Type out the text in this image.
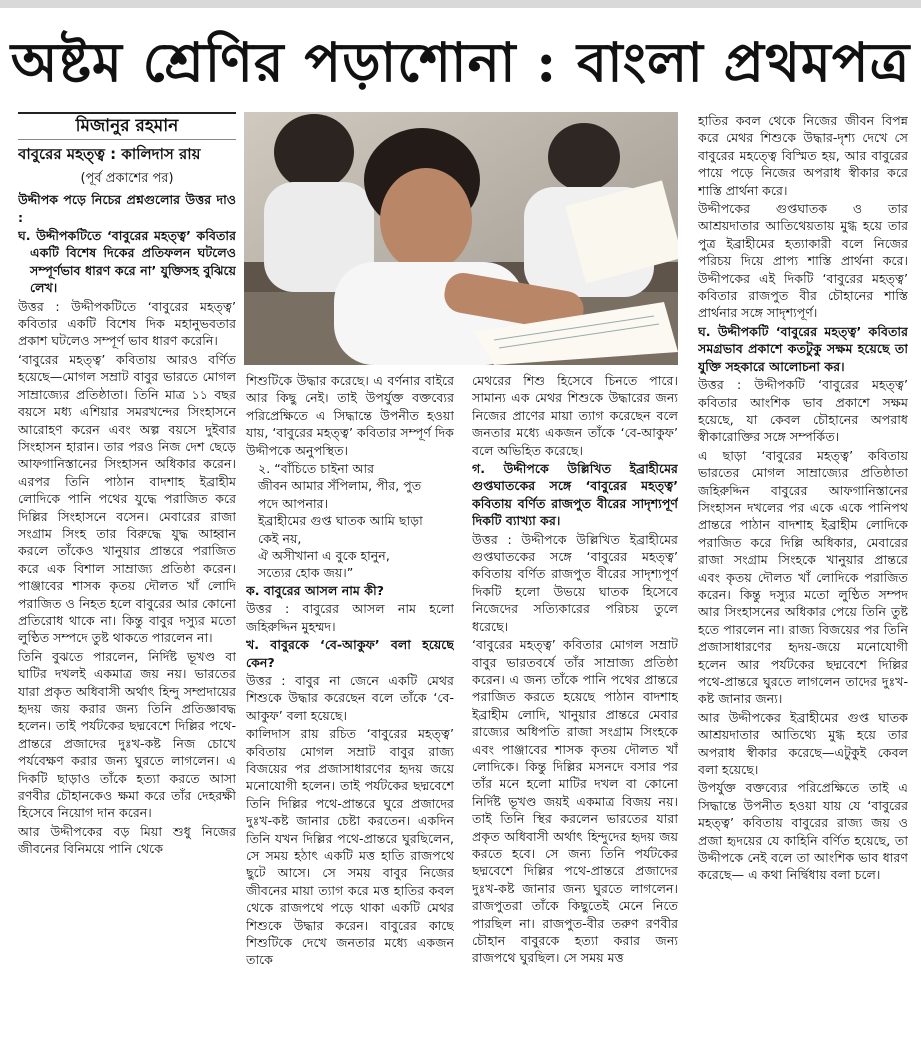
অষ্টম শ্রেণির পড়াশোনা : বাংলা প্রথমপত্র
মিজানুর রহমান
বাবুরের মহত্ত্ব : কালিদাস রায়
(পূর্ব প্রকাশের পর)

উদ্দীপক পড়ে নিচের প্রশ্নগুলোর উত্তর দাও :

ঘ. উদ্দীপকটিতে ‘বাবুরের মহত্ত্ব’ কবিতার একটি বিশেষ দিকের প্রতিফলন ঘটলেও সম্পূর্ণভাব ধারণ করে না’ যুক্তিসহ বুঝিয়ে লেখ।

উত্তর : উদ্দীপকটিতে ‘বাবুরের মহত্ত্ব’ কবিতার একটি বিশেষ দিক মহানুভবতার প্রকাশ ঘটলেও সম্পূর্ণ ভাব ধারণ করেনি।

‘বাবুরের মহত্ত্ব’ কবিতায় আরও বর্ণিত হয়েছে—মোগল সম্রাট বাবুর ভারতে মোগল সাম্রাজ্যের প্রতিষ্ঠাতা। তিনি মাত্র ১১ বছর বয়সে মধ্য এশিয়ার সমরখন্দের সিংহাসনে আরোহণ করেন এবং অল্প বয়সে দুইবার সিংহাসন হারান। তার পরও নিজ দেশ ছেড়ে আফগানিস্তানের সিংহাসন অধিকার করেন। এরপর তিনি পাঠান বাদশাহ ইব্রাহীম লোদিকে পানি পথের যুদ্ধে পরাজিত করে দিল্লির সিংহাসনে বসেন। মেবারের রাজা সংগ্রাম সিংহ তার বিরুদ্ধে যুদ্ধ আহ্বান করলে তাঁকেও খানুয়ার প্রান্তরে পরাজিত করে এক বিশাল সাম্রাজ্য প্রতিষ্ঠা করেন। পাঞ্জাবের শাসক কৃতয় দৌলত খাঁ লোদি পরাজিত ও নিহত হলে বাবুরের আর কোনো প্রতিরোধ থাকে না। কিন্তু বাবুর দস্যুর মতো লুণ্ঠিত সম্পদে তুষ্ট থাকতে পারলেন না।

তিনি বুঝতে পারলেন, নির্দিষ্ট ভূখণ্ড বা ঘাটির দখলই একমাত্র জয় নয়। ভারতের যারা প্রকৃত অধিবাসী অর্থাৎ হিন্দু সম্প্রদায়ের হৃদয় জয় করার জন্য তিনি প্রতিজ্ঞাবদ্ধ হলেন। তাই পর্যটকের ছদ্মবেশে দিল্লির পথে-প্রান্তরে প্রজাদের দুঃখ-কষ্ট নিজ চোখে পর্যবেক্ষণ করার জন্য ঘুরতে লাগলেন। এ দিকটি ছাড়াও তাঁকে হত্যা করতে আসা রণবীর চৌহানকেও ক্ষমা করে তাঁর দেহরক্ষী হিসেবে নিয়োগ দান করেন।

আর উদ্দীপকের বড় মিয়া শুধু নিজের জীবনের বিনিময়ে পানি থেকে

শিশুটিকে উদ্ধার করেছে। এ বর্ণনার বাইরে আর কিছু নেই। তাই উপর্যুক্ত বক্তব্যের পরিপ্রেক্ষিতে এ সিদ্ধান্তে উপনীত হওয়া যায়, ‘বাবুরের মহত্ত্ব’ কবিতার সম্পূর্ণ দিক উদ্দীপকে অনুপস্থিত।

২. “বাঁচিতে চাইনা আর
জীবন আমার সঁপিলাম, পীর, পুত
পদে আপনার।
ইব্রাহীমের গুপ্ত ঘাতক আমি ছাড়া
কেই নয়,
ঐ অসীখানা এ বুকে হানুন,
সত্যের হোক জয়।”

ক. বাবুরের আসল নাম কী?

উত্তর : বাবুরের আসল নাম হলো জহিরুদ্দিন মুহম্মদ।

খ. বাবুরকে ‘বে-আকুফ’ বলা হয়েছে কেন?

উত্তর : বাবুর না জেনে একটি মেথর শিশুকে উদ্ধার করেছেন বলে তাঁকে ‘বে-আকুফ’ বলা হয়েছে।

কালিদাস রায় রচিত ‘বাবুরের মহত্ত্ব’ কবিতায় মোগল সম্রাট বাবুর রাজ্য বিজয়ের পর প্রজাসাধারণের হৃদয় জয়ে মনোযোগী হলেন। তাই পর্যটকের ছদ্মবেশে তিনি দিল্লির পথে-প্রান্তরে ঘুরে প্রজাদের দুঃখ-কষ্ট জানার চেষ্টা করতেন। একদিন তিনি যখন দিল্লির পথে-প্রান্তরে ঘুরছিলেন, সে সময় হঠাৎ একটি মত্ত হাতি রাজপথে ছুটে আসে। সে সময় বাবুর নিজের জীবনের মায়া ত্যাগ করে মত্ত হাতির কবল থেকে রাজপথে পড়ে থাকা একটি মেথর শিশুকে উদ্ধার করেন। বাবুরের কাছে শিশুটিকে দেখে জনতার মধ্যে একজন তাকে

মেথরের শিশু হিসেবে চিনতে পারে। সামান্য এক মেথর শিশুকে উদ্ধারের জন্য নিজের প্রাণের মায়া ত্যাগ করেছেন বলে জনতার মধ্যে একজন তাঁকে ‘বে-আকুফ’ বলে অভিহিত করেছে।

গ. উদ্দীপকে উল্লিখিত ইব্রাহীমের গুপ্তঘাতকের সঙ্গে ‘বাবুরের মহত্ত্ব’ কবিতায় বর্ণিত রাজপুত বীরের সাদৃশ্যপূর্ণ দিকটি ব্যাখ্যা কর।

উত্তর : উদ্দীপকে উল্লিখিত ইব্রাহীমের গুপ্তঘাতকের সঙ্গে ‘বাবুরের মহত্ত্ব’ কবিতায় বর্ণিত রাজপুত বীরের সাদৃশ্যপূর্ণ দিকটি হলো উভয়ে ঘাতক হিসেবে নিজেদের সত্যিকারের পরিচয় তুলে ধরেছে।

‘বাবুরের মহত্ত্ব’ কবিতার মোগল সম্রাট বাবুর ভারতবর্ষে তাঁর সাম্রাজ্য প্রতিষ্ঠা করেন। এ জন্য তাঁকে পানি পথের প্রান্তরে পরাজিত করতে হয়েছে পাঠান বাদশাহ ইব্রাহীম লোদি, খানুয়ার প্রান্তরে মেবার রাজ্যের অধিপতি রাজা সংগ্রাম সিংহকে এবং পাঞ্জাবের শাসক কৃতয় দৌলত খাঁ লোদিকে। কিন্তু দিল্লির মসনদে বসার পর তাঁর মনে হলো মাটির দখল বা কোনো নির্দিষ্ট ভূখণ্ড জয়ই একমাত্র বিজয় নয়। তাই তিনি স্থির করলেন ভারতের যারা প্রকৃত অধিবাসী অর্থাৎ হিন্দুদের হৃদয় জয় করতে হবে। সে জন্য তিনি পর্যটকের ছদ্মবেশে দিল্লির পথে-প্রান্তরে প্রজাদের দুঃখ-কষ্ট জানার জন্য ঘুরতে লাগলেন। রাজপুতরা তাঁকে কিছুতেই মেনে নিতে পারছিল না। রাজপুত-বীর তরুণ রণবীর চৌহান বাবুরকে হত্যা করার জন্য রাজপথে ঘুরছিল। সে সময় মত্ত

হাতির কবল থেকে নিজের জীবন বিপন্ন করে মেথর শিশুকে উদ্ধার-দৃশ্য দেখে সে বাবুরের মহত্ত্বে বিস্মিত হয়, আর বাবুরের পায়ে পড়ে নিজের অপরাধ স্বীকার করে শাস্তি প্রার্থনা করে।

উদ্দীপকের গুপ্তঘাতক ও তার আশ্রয়দাতার আতিথেয়তায় মুগ্ধ হয়ে তার পুত্র ইব্রাহীমের হত্যাকারী বলে নিজের পরিচয় দিয়ে প্রাপ্য শাস্তি প্রার্থনা করে। উদ্দীপকের এই দিকটি ‘বাবুরের মহত্ত্ব’ কবিতার রাজপুত বীর চৌহানের শাস্তি প্রার্থনার সঙ্গে সাদৃশ্যপূর্ণ।

ঘ. উদ্দীপকটি ‘বাবুরের মহত্ত্ব’ কবিতার সমগ্রভাব প্রকাশে কতটুকু সক্ষম হয়েছে তা যুক্তি সহকারে আলোচনা কর।

উত্তর : উদ্দীপকটি ‘বাবুরের মহত্ত্ব’ কবিতার আংশিক ভাব প্রকাশে সক্ষম হয়েছে, যা কেবল চৌহানের অপরাধ স্বীকারোক্তির সঙ্গে সম্পর্কিত।

এ ছাড়া ‘বাবুরের মহত্ত্ব’ কবিতায় ভারতের মোগল সাম্রাজ্যের প্রতিষ্ঠাতা জহিরুদ্দিন বাবুরের আফগানিস্তানের সিংহাসন দখলের পর একে একে পানিপথ প্রান্তরে পাঠান বাদশাহ ইব্রাহীম লোদিকে পরাজিত করে দিল্লি অধিকার, মেবারের রাজা সংগ্রাম সিংহকে খানুয়ার প্রান্তরে এবং কৃতয় দৌলত খাঁ লোদিকে পরাজিত করেন। কিন্তু দস্যুর মতো লুণ্ঠিত সম্পদ আর সিংহাসনের অধিকার পেয়ে তিনি তুষ্ট হতে পারলেন না। রাজ্য বিজয়ের পর তিনি প্রজাসাধারণের হৃদয়-জয়ে মনোযোগী হলেন আর পর্যটকের ছদ্মবেশে দিল্লির পথে-প্রান্তরে ঘুরতে লাগলেন তাদের দুঃখ-কষ্ট জানার জন্য।

আর উদ্দীপকের ইব্রাহীমের গুপ্ত ঘাতক আশ্রয়দাতার আতিথ্যে মুগ্ধ হয়ে তার অপরাধ স্বীকার করেছে—এটুকুই কেবল বলা হয়েছে।

উপর্যুক্ত বক্তব্যের পরিপ্রেক্ষিতে তাই এ সিদ্ধান্তে উপনীত হওয়া যায় যে ‘বাবুরের মহত্ত্ব’ কবিতায় বাবুরের রাজ্য জয় ও প্রজা হৃদয়ের যে কাহিনি বর্ণিত হয়েছে, তা উদ্দীপকে নেই বলে তা আংশিক ভাব ধারণ করেছে— এ কথা নির্দ্বিধায় বলা চলে।
